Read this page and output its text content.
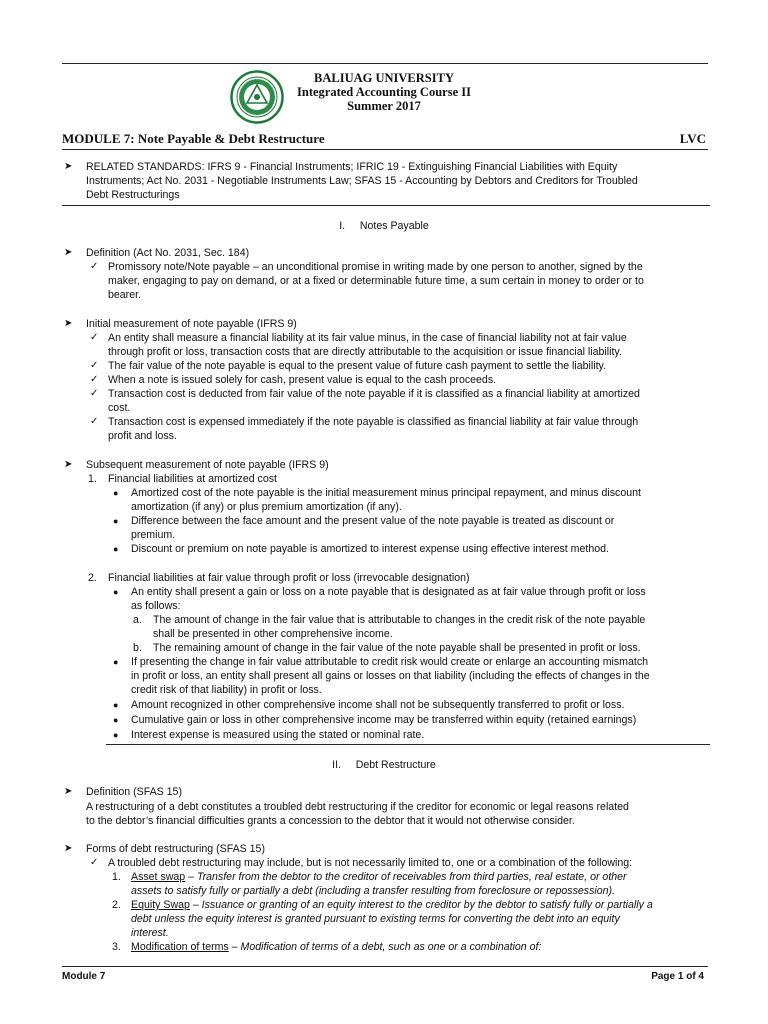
BALIUAG UNIVERSITY
Integrated Accounting Course II
Summer 2017
MODULE 7: Note Payable & Debt Restructure	LVC
➤ RELATED STANDARDS: IFRS 9 - Financial Instruments; IFRIC 19 - Extinguishing Financial Liabilities with Equity
Instruments; Act No. 2031 - Negotiable Instruments Law; SFAS 15 - Accounting by Debtors and Creditors for Troubled
Debt Restructurings
I. Notes Payable
➤ Definition (Act No. 2031, Sec. 184)
✓ Promissory note/Note payable – an unconditional promise in writing made by one person to another, signed by the
maker, engaging to pay on demand, or at a fixed or determinable future time, a sum certain in money to order or to
bearer.
➤ Initial measurement of note payable (IFRS 9)
✓ An entity shall measure a financial liability at its fair value minus, in the case of financial liability not at fair value
through profit or loss, transaction costs that are directly attributable to the acquisition or issue financial liability.
✓ The fair value of the note payable is equal to the present value of future cash payment to settle the liability.
✓ When a note is issued solely for cash, present value is equal to the cash proceeds.
✓ Transaction cost is deducted from fair value of the note payable if it is classified as a financial liability at amortized
cost.
✓ Transaction cost is expensed immediately if the note payable is classified as financial liability at fair value through
profit and loss.
➤ Subsequent measurement of note payable (IFRS 9)
1. Financial liabilities at amortized cost
● Amortized cost of the note payable is the initial measurement minus principal repayment, and minus discount
amortization (if any) or plus premium amortization (if any).
● Difference between the face amount and the present value of the note payable is treated as discount or
premium.
● Discount or premium on note payable is amortized to interest expense using effective interest method.
2. Financial liabilities at fair value through profit or loss (irrevocable designation)
● An entity shall present a gain or loss on a note payable that is designated as at fair value through profit or loss
as follows:
a. The amount of change in the fair value that is attributable to changes in the credit risk of the note payable
shall be presented in other comprehensive income.
b. The remaining amount of change in the fair value of the note payable shall be presented in profit or loss.
● If presenting the change in fair value attributable to credit risk would create or enlarge an accounting mismatch
in profit or loss, an entity shall present all gains or losses on that liability (including the effects of changes in the
credit risk of that liability) in profit or loss.
● Amount recognized in other comprehensive income shall not be subsequently transferred to profit or loss.
● Cumulative gain or loss in other comprehensive income may be transferred within equity (retained earnings)
● Interest expense is measured using the stated or nominal rate.
II. Debt Restructure
➤ Definition (SFAS 15)
A restructuring of a debt constitutes a troubled debt restructuring if the creditor for economic or legal reasons related
to the debtor’s financial difficulties grants a concession to the debtor that it would not otherwise consider.
➤ Forms of debt restructuring (SFAS 15)
✓ A troubled debt restructuring may include, but is not necessarily limited to, one or a combination of the following:
1. Asset swap – Transfer from the debtor to the creditor of receivables from third parties, real estate, or other
assets to satisfy fully or partially a debt (including a transfer resulting from foreclosure or repossession).
2. Equity Swap – Issuance or granting of an equity interest to the creditor by the debtor to satisfy fully or partially a
debt unless the equity interest is granted pursuant to existing terms for converting the debt into an equity
interest.
3. Modification of terms – Modification of terms of a debt, such as one or a combination of:
Module 7	Page 1 of 4
